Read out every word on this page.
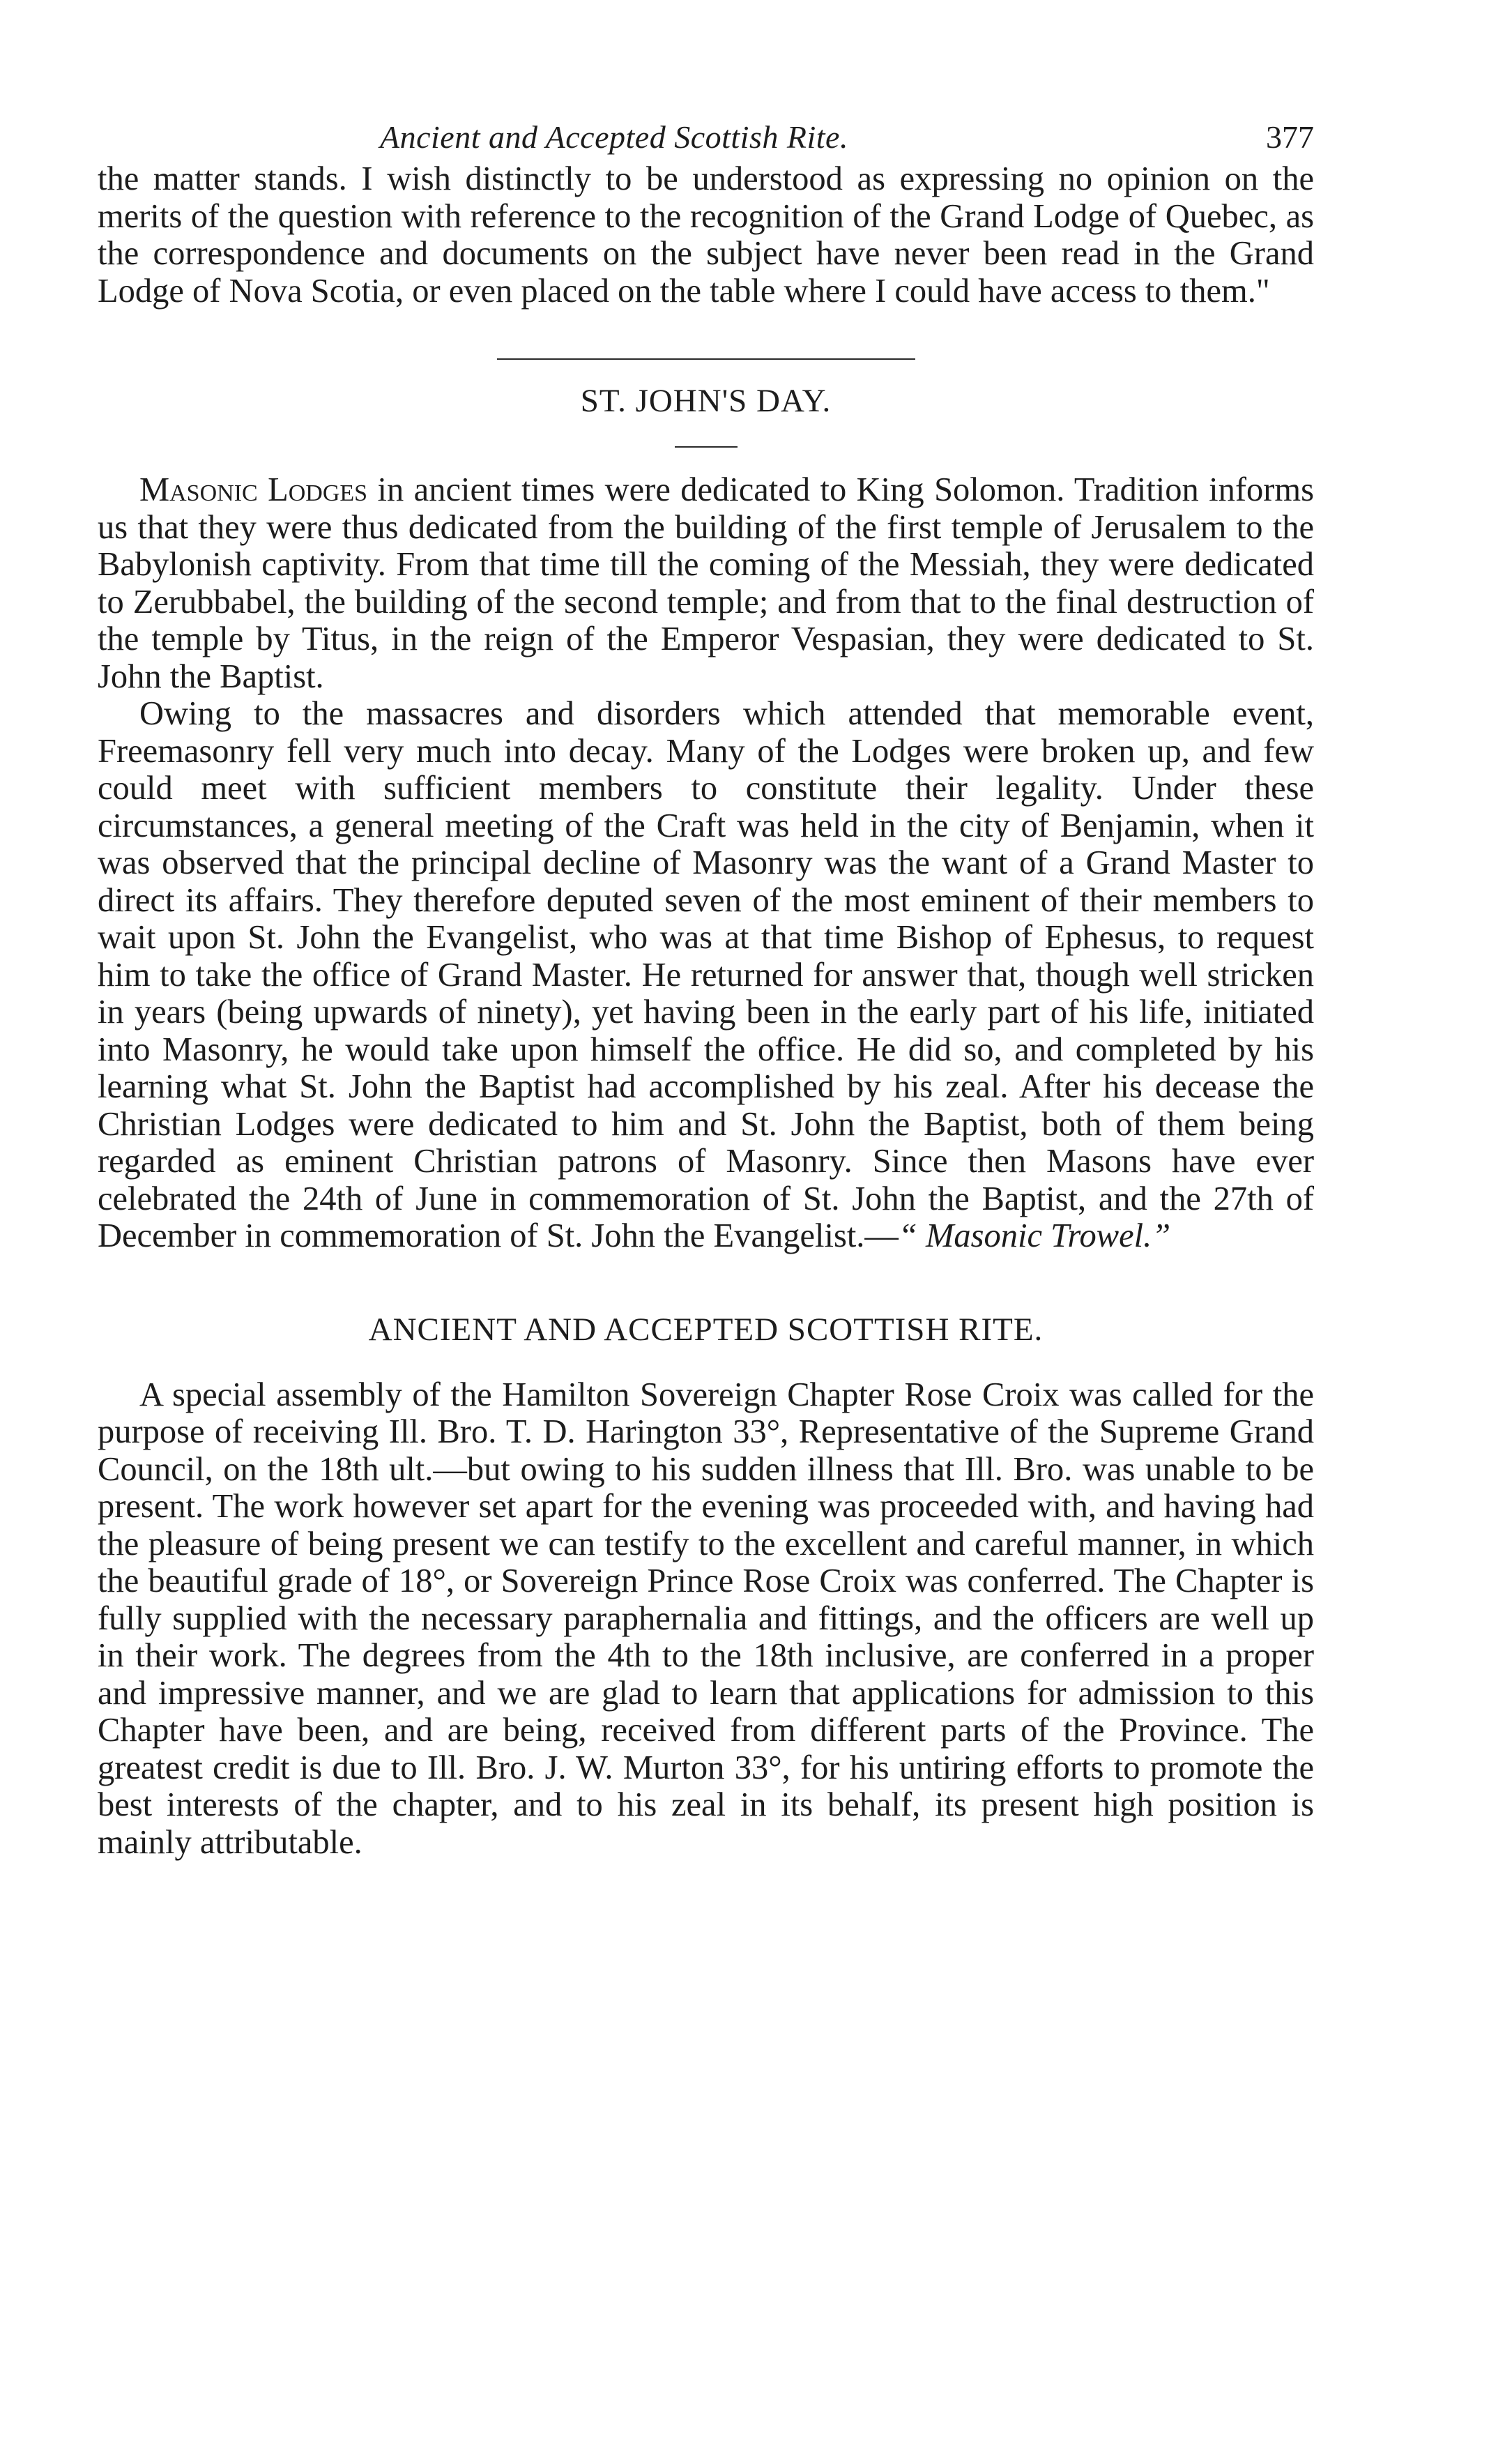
Ancient and Accepted Scottish Rite.	377

the matter stands. I wish distinctly to be understood as expressing no opinion on the merits of the question with reference to the recognition of the Grand Lodge of Quebec, as the correspondence and documents on the subject have never been read in the Grand Lodge of Nova Scotia, or even placed on the table where I could have access to them."

ST. JOHN'S DAY.

Masonic Lodges in ancient times were dedicated to King Solomon. Tradition informs us that they were thus dedicated from the building of the first temple of Jerusalem to the Babylonish captivity. From that time till the coming of the Messiah, they were dedicated to Zerubbabel, the building of the second temple; and from that to the final destruction of the temple by Titus, in the reign of the Emperor Vespasian, they were dedicated to St. John the Baptist.

Owing to the massacres and disorders which attended that memorable event, Freemasonry fell very much into decay. Many of the Lodges were broken up, and few could meet with sufficient members to constitute their legality. Under these circumstances, a general meeting of the Craft was held in the city of Benjamin, when it was observed that the principal decline of Masonry was the want of a Grand Master to direct its affairs. They therefore deputed seven of the most eminent of their members to wait upon St. John the Evangelist, who was at that time Bishop of Ephesus, to request him to take the office of Grand Master. He returned for answer that, though well stricken in years (being upwards of ninety), yet having been in the early part of his life, initiated into Masonry, he would take upon himself the office. He did so, and completed by his learning what St. John the Baptist had accomplished by his zeal. After his decease the Christian Lodges were dedicated to him and St. John the Baptist, both of them being regarded as eminent Christian patrons of Masonry. Since then Masons have ever celebrated the 24th of June in commemoration of St. John the Baptist, and the 27th of December in commemoration of St. John the Evangelist.—“ Masonic Trowel.”

ANCIENT AND ACCEPTED SCOTTISH RITE.

A special assembly of the Hamilton Sovereign Chapter Rose Croix was called for the purpose of receiving Ill. Bro. T. D. Harington 33°, Representative of the Supreme Grand Council, on the 18th ult.—but owing to his sudden illness that Ill. Bro. was unable to be present. The work however set apart for the evening was proceeded with, and having had the pleasure of being present we can testify to the excellent and careful manner, in which the beautiful grade of 18°, or Sovereign Prince Rose Croix was conferred. The Chapter is fully supplied with the necessary paraphernalia and fittings, and the officers are well up in their work. The degrees from the 4th to the 18th inclusive, are conferred in a proper and impressive manner, and we are glad to learn that applications for admission to this Chapter have been, and are being, received from different parts of the Province. The greatest credit is due to Ill. Bro. J. W. Murton 33°, for his untiring efforts to promote the best interests of the chapter, and to his zeal in its behalf, its present high position is mainly attributable.
